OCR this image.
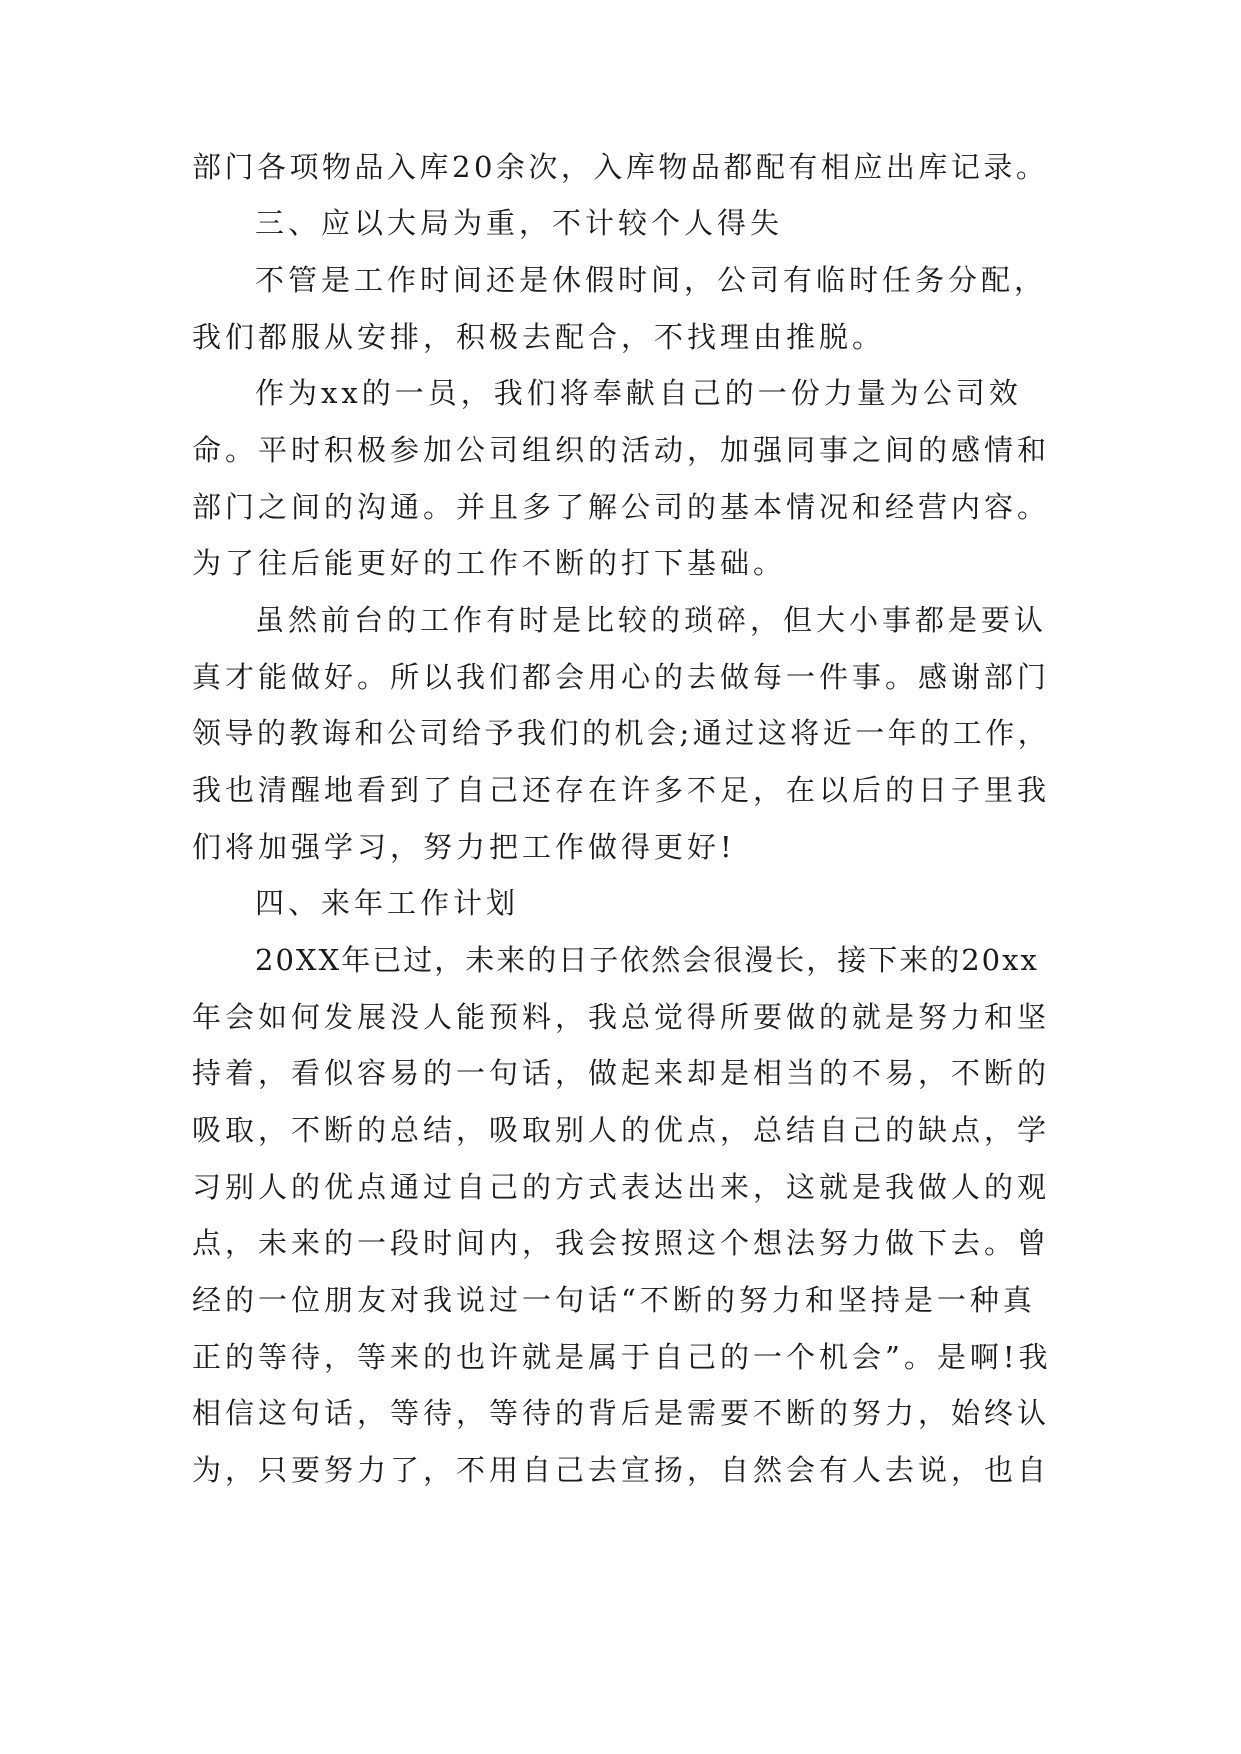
部门各项物品入库20余次，入库物品都配有相应出库记录。
三、应以大局为重，不计较个人得失
不管是工作时间还是休假时间，公司有临时任务分配，
我们都服从安排，积极去配合，不找理由推脱。
作为xx的一员，我们将奉献自己的一份力量为公司效
命。平时积极参加公司组织的活动，加强同事之间的感情和
部门之间的沟通。并且多了解公司的基本情况和经营内容。
为了往后能更好的工作不断的打下基础。
虽然前台的工作有时是比较的琐碎，但大小事都是要认
真才能做好。所以我们都会用心的去做每一件事。感谢部门
领导的教诲和公司给予我们的机会;通过这将近一年的工作，
我也清醒地看到了自己还存在许多不足，在以后的日子里我
们将加强学习，努力把工作做得更好!
四、来年工作计划
20XX年已过，未来的日子依然会很漫长，接下来的20xx
年会如何发展没人能预料，我总觉得所要做的就是努力和坚
持着，看似容易的一句话，做起来却是相当的不易，不断的
吸取，不断的总结，吸取别人的优点，总结自己的缺点，学
习别人的优点通过自己的方式表达出来，这就是我做人的观
点，未来的一段时间内，我会按照这个想法努力做下去。曾
经的一位朋友对我说过一句话“不断的努力和坚持是一种真
正的等待，等来的也许就是属于自己的一个机会”。是啊!我
相信这句话，等待，等待的背后是需要不断的努力，始终认
为，只要努力了，不用自己去宣扬，自然会有人去说，也自
